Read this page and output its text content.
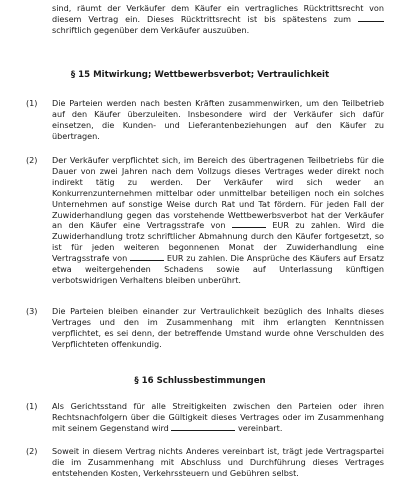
sind, räumt der Verkäufer dem Käufer ein vertragliches Rücktrittsrecht von diesem Vertrag ein. Dieses Rücktrittsrecht ist bis spätestens zum  schriftlich gegenüber dem Verkäufer auszuüben.

§ 15 Mitwirkung; Wettbewerbsverbot; Vertraulichkeit
(1) Die Parteien werden nach besten Kräften zusammenwirken, um den Teilbetrieb auf den Käufer überzuleiten. Insbesondere wird der Verkäufer sich dafür einsetzen, die Kunden- und Lieferantenbeziehungen auf den Käufer zu übertragen.

(2) Der Verkäufer verpflichtet sich, im Bereich des übertragenen Teilbetriebs für die Dauer von zwei Jahren nach dem Vollzugs dieses Vertrages weder direkt noch indirekt tätig zu werden. Der Verkäufer wird sich weder an Konkurrenzunternehmen mittelbar oder unmittelbar beteiligen noch ein solches Unternehmen auf sonstige Weise durch Rat und Tat fördern. Für jeden Fall der Zuwiderhandlung gegen das vorstehende Wettbewerbsverbot hat der Verkäufer an den Käufer eine Vertragsstrafe von	EUR zu zahlen. Wird die Zuwiderhandlung trotz schriftlicher Abmahnung durch den Käufer fortgesetzt, so ist für jeden weiteren begonnenen Monat der Zuwiderhandlung eine Vertragsstrafe von	EUR zu zahlen. Die Ansprüche des Käufers auf Ersatz etwa weitergehenden Schadens sowie auf Unterlassung künftigen verbotswidrigen Verhaltens bleiben unberührt.

(3) Die Parteien bleiben einander zur Vertraulichkeit bezüglich des Inhalts dieses Vertrages und den im Zusammenhang mit ihm erlangten Kenntnissen verpflichtet, es sei denn, der betreffende Umstand wurde ohne Verschulden des Verpflichteten offenkundig.

§ 16 Schlussbestimmungen
(1) Als Gerichtsstand für alle Streitigkeiten zwischen den Parteien oder ihren Rechtsnachfolgern über die Gültigkeit dieses Vertrages oder im Zusammenhang mit seinem Gegenstand wird	vereinbart.

(2) Soweit in diesem Vertrag nichts Anderes vereinbart ist, trägt jede Vertragspartei die im Zusammenhang mit Abschluss und Durchführung dieses Vertrages entstehenden Kosten, Verkehrssteuern und Gebühren selbst.
